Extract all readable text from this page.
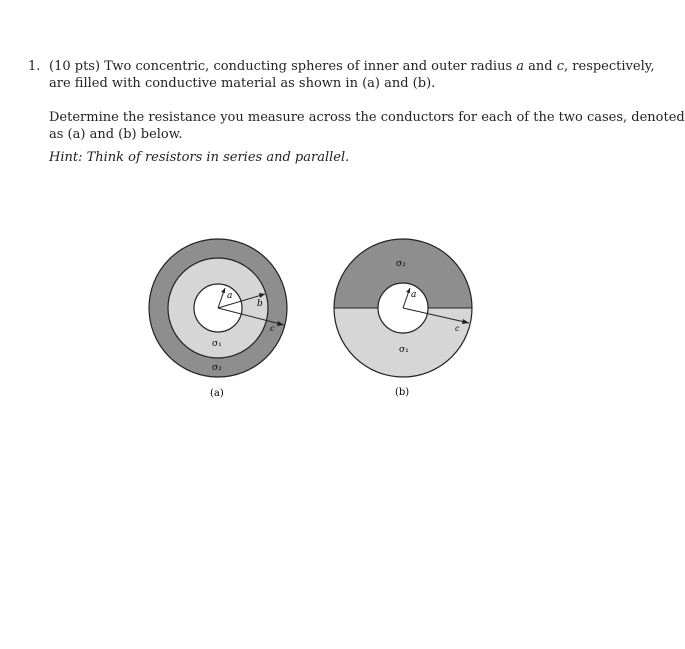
1. (10 pts) Two concentric, conducting spheres of inner and outer radius a and c, respectively,
are filled with conductive material as shown in (a) and (b).
Determine the resistance you measure across the conductors for each of the two cases, denoted
as (a) and (b) below.
Hint: Think of resistors in series and parallel.
a
b
c
σ₁
σ₂
(a)
a
c
σ₂
σ₁
(b)
